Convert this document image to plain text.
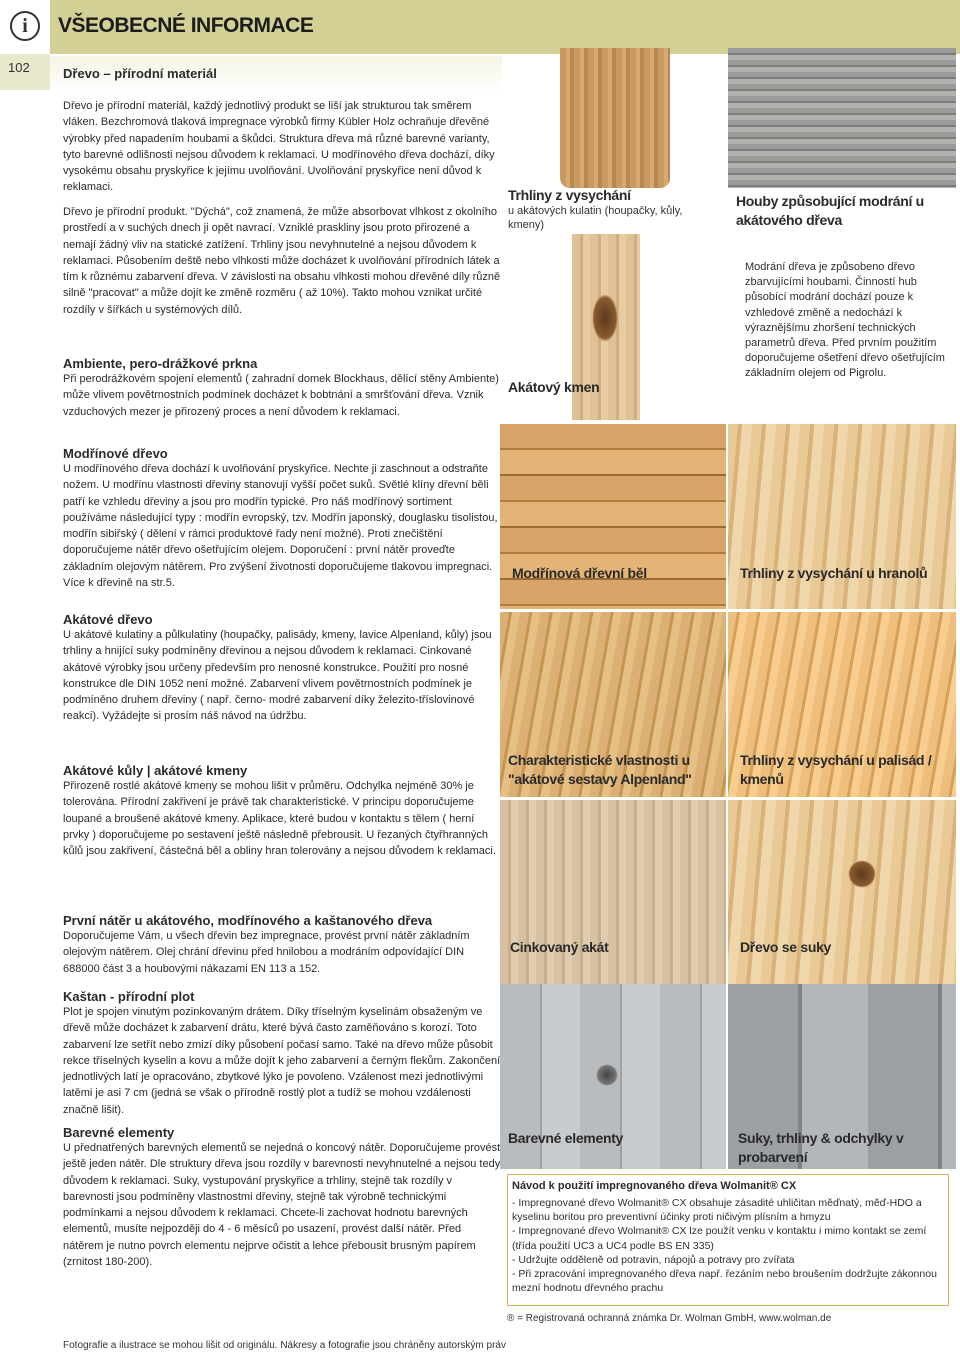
i	VŠEOBECNÉ INFORMACE
102	Dřevo – přírodní materiál

Dřevo je přírodní materiál, každý jednotlivý produkt se liší jak strukturou tak směrem vláken. Bezchromová tlaková impregnace výrobků firmy Kübler Holz ochraňuje dřevěné výrobky před napadením houbami a škůdci. Struktura dřeva má různé barevné varianty, tyto barevné odlišnosti nejsou důvodem k reklamaci. U modřínového dřeva dochází, díky vysokému obsahu pryskyřice k jejímu uvolňování. Uvolňování pryskyřice není důvod k reklamaci.

Dřevo je přírodní produkt. "Dýchá", což znamená, že může absorbovat vlhkost z okolního prostředí a v suchých dnech ji opět navrací. Vzniklé praskliny jsou proto přirozené a nemají žádný vliv na statické zatížení. Trhliny jsou nevyhnutelné a nejsou důvodem k reklamaci. Působením deště nebo vlhkosti může docházet k uvolňování přírodních látek a tím k různému zabarvení dřeva. V závislosti na obsahu vlhkosti mohou dřevěné díly různě silně "pracovat" a může dojít ke změně rozměru ( až 10%). Takto mohou vznikat určité rozdíly v šířkách u systémových dílů.

Ambiente, pero-drážkové prkna

Při perodrážkovém spojení elementů ( zahradní domek Blockhaus, dělící stěny Ambiente) může vlivem povětrnostních podmínek docházet k bobtnání a smršťování dřeva. Vznik vzduchových mezer je přirozený proces a není důvodem k reklamaci.

Modřínové dřevo

U modřínového dřeva dochází k uvolňování pryskyřice. Nechte ji zaschnout a odstraňte nožem. U modřínu vlastnosti dřeviny stanovují vyšší počet suků. Světlé klíny dřevní běli patří ke vzhledu dřeviny a jsou pro modřín typické. Pro náš modřínový sortiment používáme následující typy : modřín evropský, tzv. Modřín japonský, douglasku tisolistou, modřín sibiřský ( dělení v rámci produktové řady není možné). Proti znečištění doporučujeme nátěr dřevo ošetřujícím olejem. Doporučení : první nátěr proveďte základním olejovým nátěrem. Pro zvýšení životnosti doporučujeme tlakovou impregnaci. Více k dřevině na str.5.

Akátové dřevo

U akátové kulatiny a půlkulatiny (houpačky, palisády, kmeny, lavice Alpenland, kůly) jsou trhliny a hnijící suky podmíněny dřevinou a nejsou důvodem k reklamaci. Cinkované akátové výrobky jsou určeny především pro nenosné konstrukce. Použití pro nosné konstrukce dle DIN 1052 není možné. Zabarvení vlivem povětrnostních podmínek je podmíněno druhem dřeviny ( např. černo- modré zabarvení díky železito-tříslovinové reakci). Vyžádejte si prosím náš návod na údržbu.

Akátové kůly | akátové kmeny

Přirozeně rostlé akátové kmeny se mohou lišit v průměru. Odchylka nejméně 30% je tolerována. Přírodní zakřivení je právě tak charakteristické. V principu doporučujeme loupané a broušené akátové kmeny. Aplikace, které budou v kontaktu s tělem ( herní prvky ) doporučujeme po sestavení ještě následně přebrousit. U řezaných čtyřhranných kůlů jsou zakřivení, částečná běl a obliny hran tolerovány a nejsou důvodem k reklamaci.

První nátěr u akátového, modřínového a kaštanového dřeva

Doporučujeme Vám, u všech dřevin bez impregnace, provést první nátěr základním olejovým nátěrem. Olej chrání dřevinu před hnilobou a modráním odpovídající DIN 688000 část 3 a houbovými nákazami EN 113 a 152.

Kaštan - přírodní plot

Plot je spojen vinutým pozinkovaným drátem. Díky tříselným kyselinám obsaženým ve dřevě může docházet k zabarvení drátu, které bývá často zaměňováno s korozí. Toto zabarvení lze setřít nebo zmizí díky působení počasí samo. Také na dřevo může působit rekce tříselných kyselin a kovu a může dojít k jeho zabarvení a černým flekům. Zakončení jednotlivých latí je opracováno, zbytkové lýko je povoleno. Vzálenost mezi jednotlivými latěmi je asi 7 cm (jedná se však o přírodně rostlý plot a tudíž se mohou vzdálenosti značně lišit).

Barevné elementy

U přednatřených barevných elementů se nejedná o koncový nátěr. Doporučujeme provést ještě jeden nátěr. Dle struktury dřeva jsou rozdíly v barevnosti nevyhnutelné a nejsou tedy důvodem k reklamaci. Suky, vystupování pryskyřice a trhliny, stejně tak rozdíly v barevnosti jsou podmíněny vlastnostmi dřeviny, stejně tak výrobně technickými podmínkami a nejsou důvodem k reklamaci. Chcete-li zachovat hodnotu barevných elementů, musíte nejpozději do 4 - 6 měsíců po usazení, provést další nátěr. Před nátěrem je nutno povrch elementu nejprve očistit a lehce přebousit brusným papírem (zrnitost 180-200).

Trhliny z vysychání
u akátových kulatin (houpačky, kůly, kmeny)
Akátový kmen
Houby způsobující modrání u akátového dřeva
Modrání dřeva je způsobeno dřevo zbarvujícími houbami. Činností hub působící modrání dochází pouze k vzhledové změně a nedochází k výraznějšímu zhoršení technických parametrů dřeva. Před prvním použitím doporučujeme ošetření dřevo ošetřujícím základním olejem od Pigrolu.
Modřínová dřevní běl	Trhliny z vysychání u hranolů
Charakteristické vlastnosti u "akátové sestavy Alpenland"
Trhliny z vysychání u palisád / kmenů
Cinkovaný akát	Dřevo se suky
Barevné elementy	Suky, trhliny & odchylky v probarvení
Návod k použití impregnovaného dřeva Wolmanit® CX
- Impregnované dřevo Wolmanit® CX obsahuje zásadité uhličitan měďnatý, měď-HDO a kyselinu boritou pro preventivní účinky proti ničivým plísním a hmyzu
- Impregnované dřevo Wolmanit® CX lze použít venku v kontaktu i mimo kontakt se zemí (třída použití UC3 a UC4 podle BS EN 335)
- Udržujte odděleně od potravin, nápojů a potravy pro zvířata
- Při zpracování impregnovaného dřeva např. řezáním nebo broušením dodržujte zákonnou mezní hodnotu dřevného prachu
® = Registrovaná ochranná známka Dr. Wolman GmbH, www.wolman.de
Fotografie a ilustrace se mohou lišit od originálu. Nákresy a fotografie jsou chráněny autorským práv
